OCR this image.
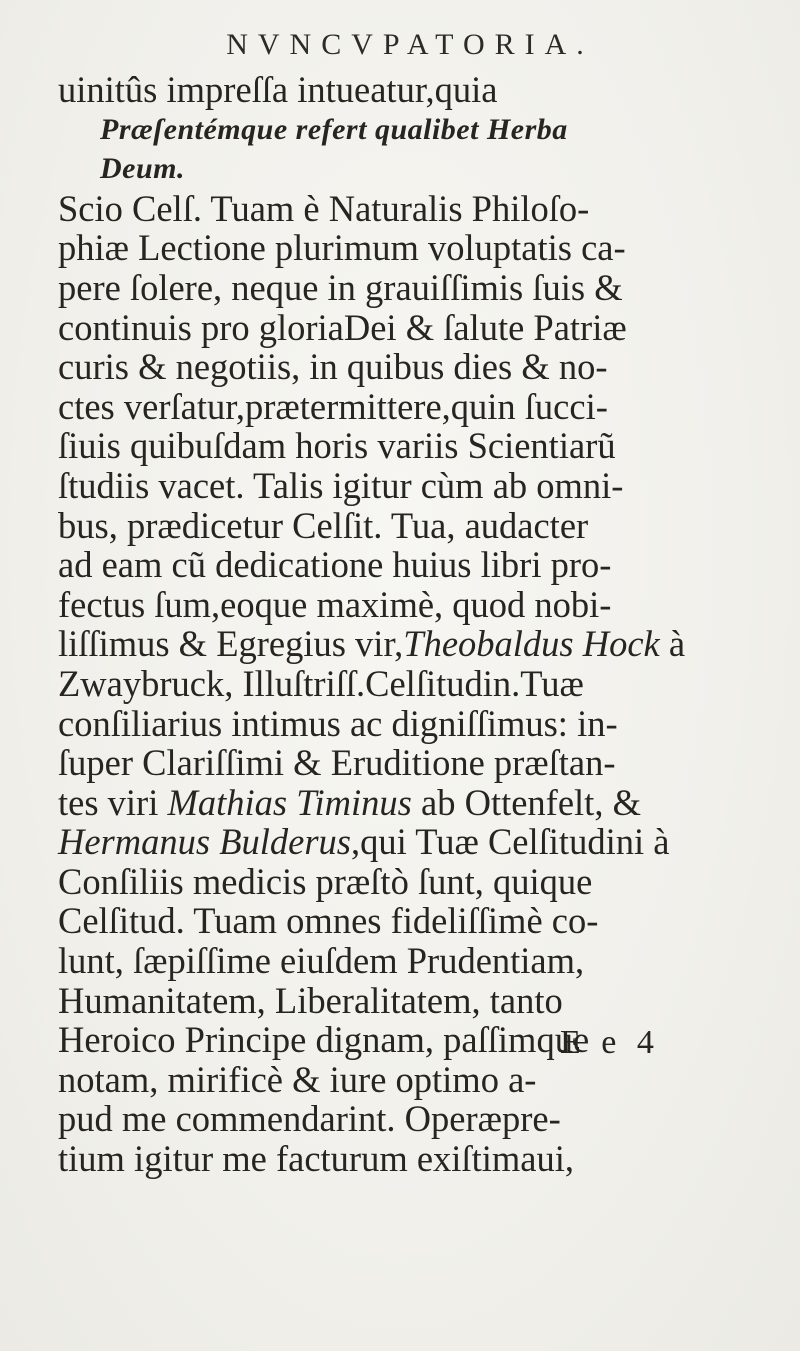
NVNCVPATORIA.
uinitûs impreſſa intueatur,quia
Præſentémque refert qualibet Herba
Deum.
Scio Celſ. Tuam è Naturalis Philoſo-
phiæ Lectione plurimum voluptatis ca-
pere ſolere, neque in grauiſſimis ſuis &
continuis pro gloriaDei & ſalute Patriæ
curis & negotiis, in quibus dies & no-
ctes verſatur,prætermittere,quin ſucci-
ſiuis quibuſdam horis variis Scientiarũ
ſtudiis vacet. Talis igitur cùm ab omni-
bus, prædicetur Celſit. Tua, audacter
ad eam cũ dedicatione huius libri pro-
fectus ſum,eoque maximè, quod nobi-
liſſimus & Egregius vir,Theobaldus Hock à
Zwaybruck, Illuſtriſſ.Celſitudin.Tuæ
conſiliarius intimus ac digniſſimus: in-
ſuper Clariſſimi & Eruditione præſtan-
tes viri Mathias Timinus ab Ottenfelt, &
Hermanus Bulderus,qui Tuæ Celſitudini à
Conſiliis medicis præſtò ſunt, quique
Celſitud. Tuam omnes fideliſſimè co-
lunt, ſæpiſſime eiuſdem Prudentiam,
Humanitatem, Liberalitatem, tanto
Heroico Principe dignam, paſſimque
notam, mirificè & iure optimo a-
pud me commendarint. Operæpre-
tium igitur me facturum exiſtimaui,
E e 4
